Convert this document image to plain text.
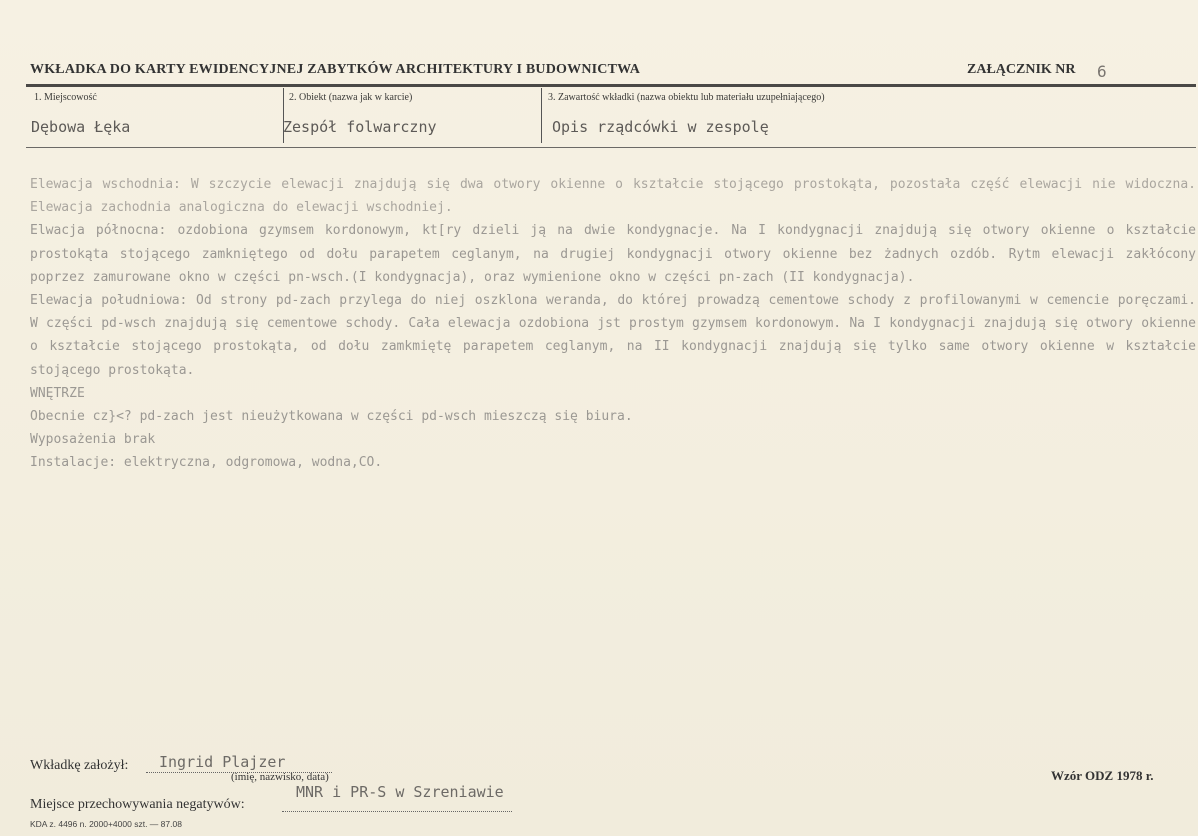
WKŁADKA DO KARTY EWIDENCYJNEJ ZABYTKÓW ARCHITEKTURY I BUDOWNICTWA	ZAŁĄCZNIK NR 6
1. Miejscowość	2. Obiekt (nazwa jak w karcie)	3. Zawartość wkładki (nazwa obiektu lub materiału uzupełniającego)
Dębowa Łęka	Zespół folwarczny	Opis rządcówki w zespolę

Elewacja wschodnia: W szczycie elewacji znajdują się dwa otwory okienne o kształcie stojącego prostokąta, pozostała część elewacji nie widoczna. Elewacja zachodnia analogiczna do elewacji wschodniej.

Elwacja północna: ozdobiona gzymsem kordonowym, kt[ry dzieli ją na dwie kondygnacje. Na I kondygnacji znajdują się otwory okienne o kształcie prostokąta stojącego zamkniętego od dołu parapetem ceglanym, na drugiej kondygnacji otwory okienne bez żadnych ozdób. Rytm elewacji zakłócony poprzez zamurowane okno w części pn-wsch.(I kondygnacja), oraz wymienione okno w części pn-zach (II kondygnacja).

Elewacja południowa: Od strony pd-zach przylega do niej oszklona weranda, do której prowadzą cementowe schody z profilowanymi w cemencie poręczami. W części pd-wsch znajdują się cementowe schody. Cała elewacja ozdobiona jst prostym gzymsem kordonowym. Na I kondygnacji znajdują się otwory okienne o kształcie stojącego prostokąta, od dołu zamkmiętę parapetem ceglanym, na II kondygnacji znajdują się tylko same otwory okienne w kształcie stojącego prostokąta.

WNĘTRZE

Obecnie cz}<? pd-zach jest nieużytkowana w części pd-wsch mieszczą się biura.

Wyposażenia brak

Instalacje: elektryczna, odgromowa, wodna,CO.

Wkładkę założył: Ingrid Plajzer
(imię, nazwisko, data)
Miejsce przechowywania negatywów:
MNR i PR-S w Szreniawie
Wzór ODZ 1978 r.
KDA z. 4496 n. 2000+4000 szt. — 87.08
